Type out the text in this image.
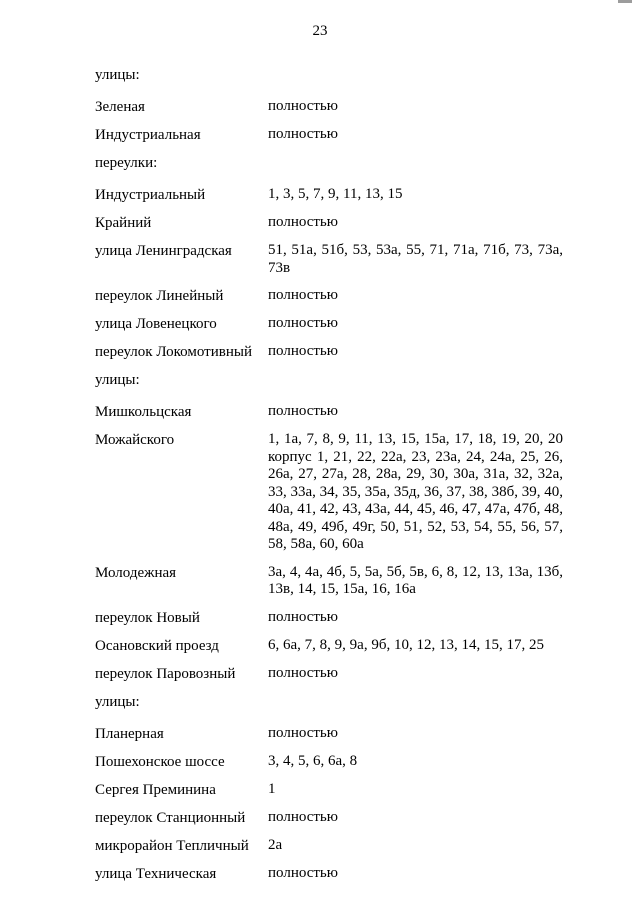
23
улицы:
Зеленая	полностью
Индустриальная	полностью
переулки:
Индустриальный	1, 3, 5, 7, 9, 11, 13, 15
Крайний	полностью
улица Ленинградская	51, 51а, 51б, 53, 53а, 55, 71, 71а, 71б, 73, 73а, 73в
переулок Линейный	полностью
улица Ловенецкого	полностью
переулок Локомотивный	полностью
улицы:
Мишкольцская	полностью
Можайского	1, 1а, 7, 8, 9, 11, 13, 15, 15а, 17, 18, 19, 20, 20 корпус 1, 21, 22, 22а, 23, 23а, 24, 24а, 25, 26, 26а, 27, 27а, 28, 28а, 29, 30, 30а, 31а, 32, 32а, 33, 33а, 34, 35, 35а, 35д, 36, 37, 38, 38б, 39, 40, 40а, 41, 42, 43, 43а, 44, 45, 46, 47, 47а, 47б, 48, 48а, 49, 49б, 49г, 50, 51, 52, 53, 54, 55, 56, 57, 58, 58а, 60, 60а
Молодежная	3а, 4, 4а, 4б, 5, 5а, 5б, 5в, 6, 8, 12, 13, 13а, 13б, 13в, 14, 15, 15а, 16, 16а
переулок Новый	полностью
Осановский проезд	6, 6а, 7, 8, 9, 9а, 9б, 10, 12, 13, 14, 15, 17, 25
переулок Паровозный	полностью
улицы:
Планерная	полностью
Пошехонское шоссе	3, 4, 5, 6, 6а, 8
Сергея Преминина	1
переулок Станционный	полностью
микрорайон Тепличный	2а
улица Техническая	полностью
